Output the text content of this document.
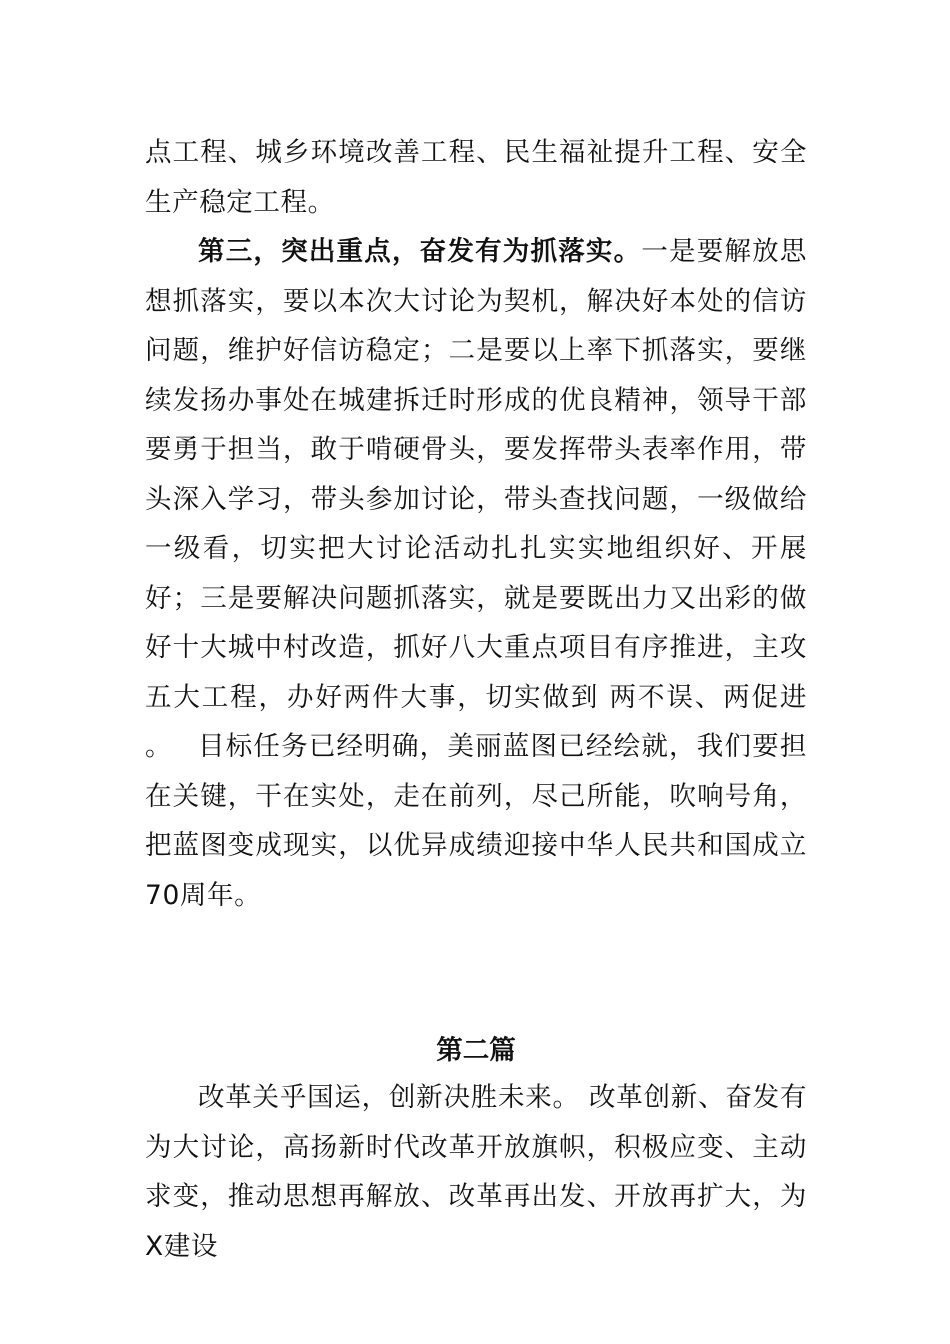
点工程、城乡环境改善工程、民生福祉提升工程、安全生产稳定工程。

第三，突出重点，奋发有为抓落实。一是要解放思想抓落实，要以本次大讨论为契机，解决好本处的信访问题，维护好信访稳定；二是要以上率下抓落实，要继续发扬办事处在城建拆迁时形成的优良精神，领导干部要勇于担当，敢于啃硬骨头，要发挥带头表率作用，带头深入学习，带头参加讨论，带头查找问题，一级做给一级看，切实把大讨论活动扎扎实实地组织好、开展好；三是要解决问题抓落实，就是要既出力又出彩的做好十大城中村改造，抓好八大重点项目有序推进，主攻五大工程，办好两件大事，切实做到 两不误、两促进 。 目标任务已经明确，美丽蓝图已经绘就，我们要担在关键，干在实处，走在前列，尽己所能，吹响号角，把蓝图变成现实，以优异成绩迎接中华人民共和国成立70周年。

第二篇

改革关乎国运，创新决胜未来。 改革创新、奋发有为大讨论，高扬新时代改革开放旗帜，积极应变、主动求变，推动思想再解放、改革再出发、开放再扩大，为X建设
